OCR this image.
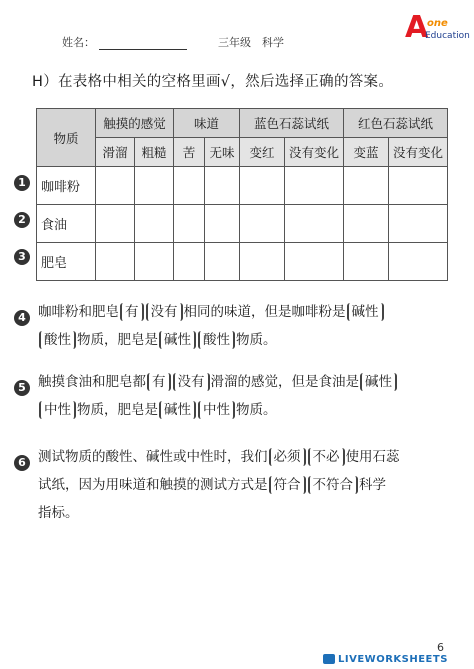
姓名：	三年级　科学	A
one
Education
H）在表格中相关的空格里画√，然后选择正确的答案。
物质	触摸的感觉		味道		蓝色石蕊试纸		红色石蕊试纸	
	滑溜	粗糙	苦	无味	变红	没有变化	变蓝	没有变化
咖啡粉								
食油								
肥皂								
1
2
3
4 咖啡粉和肥皂 有 没有 相同的味道，但是咖啡粉是 碱性
酸性 物质，肥皂是 碱性 酸性 物质。
5 触摸食油和肥皂都 有 没有 滑溜的感觉，但是食油是 碱性
中性 物质，肥皂是 碱性 中性 物质。
6 测试物质的酸性、碱性或中性时，我们 必须 不必 使用石蕊
试纸，因为用味道和触摸的测试方式是 符合 不符合 科学
指标。
6
LIVEWORKSHEETS
